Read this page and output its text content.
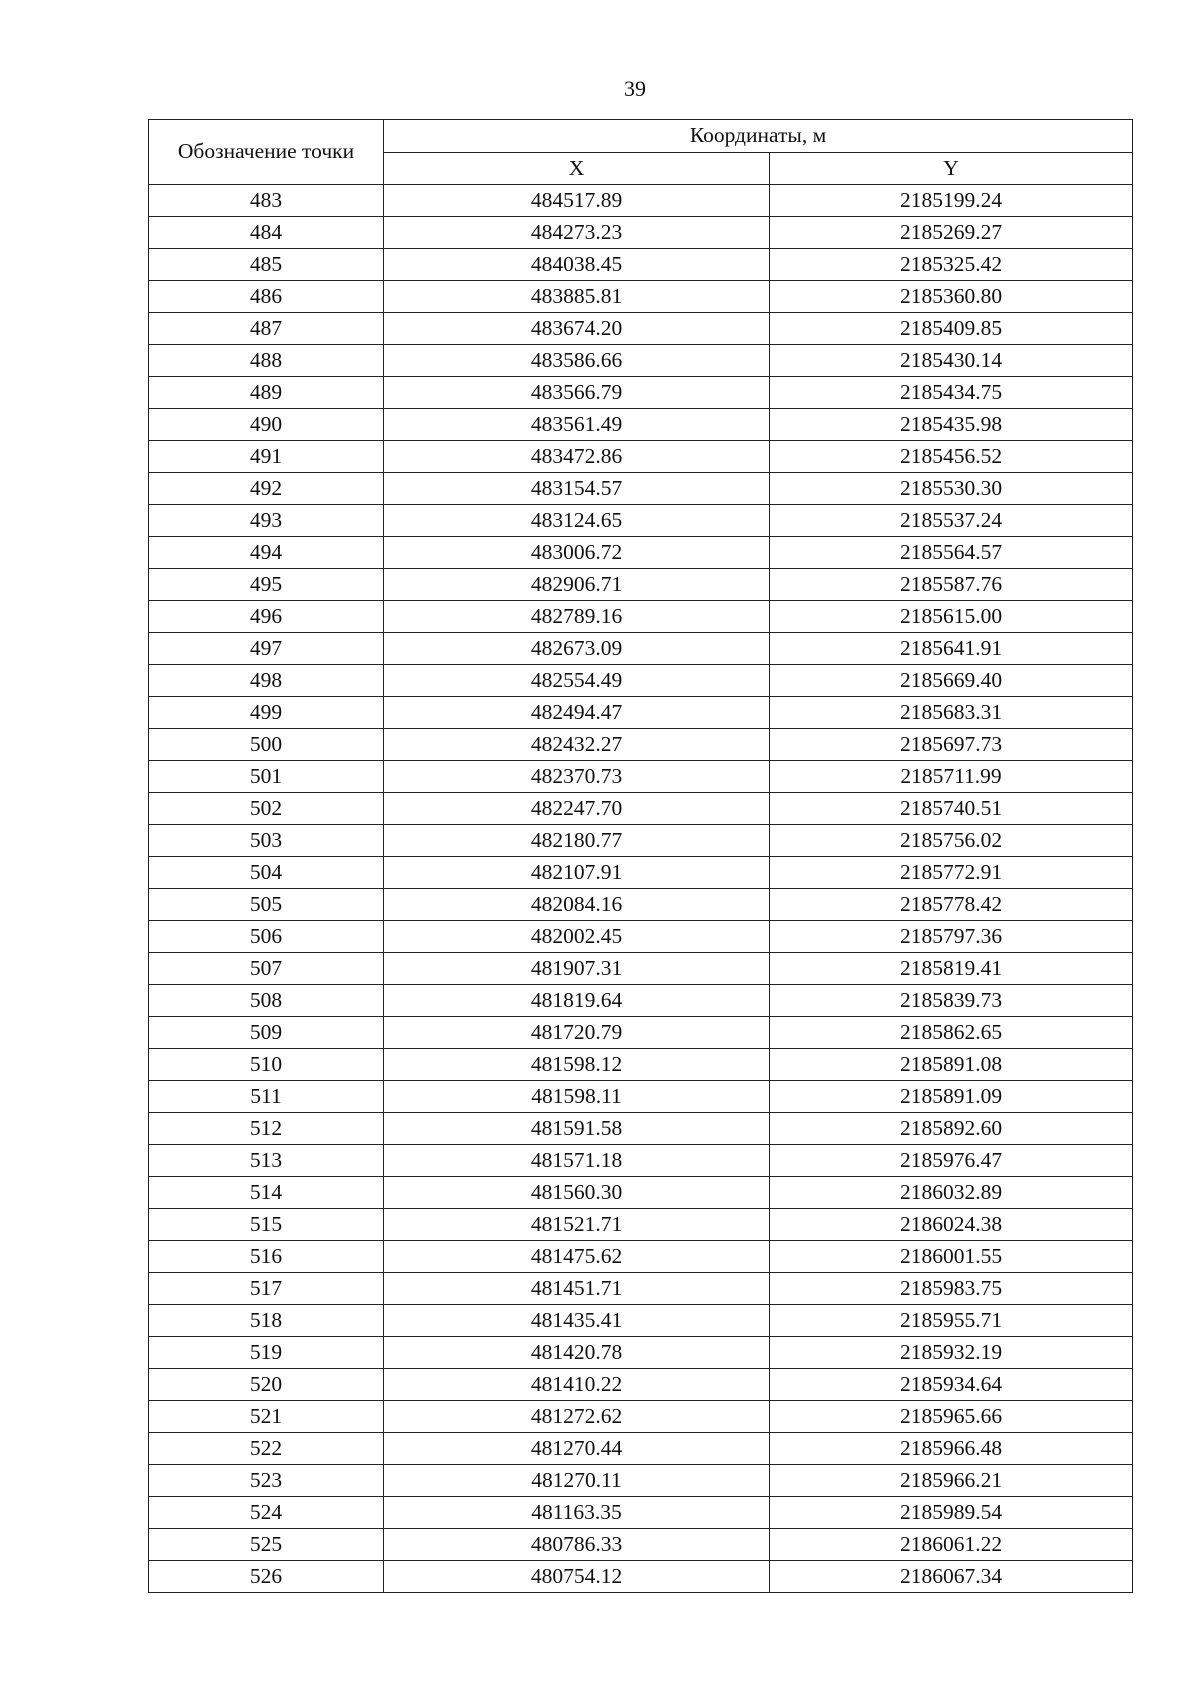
39
Обозначение точки	Координаты, м	
	X	Y
483	484517.89	2185199.24
484	484273.23	2185269.27
485	484038.45	2185325.42
486	483885.81	2185360.80
487	483674.20	2185409.85
488	483586.66	2185430.14
489	483566.79	2185434.75
490	483561.49	2185435.98
491	483472.86	2185456.52
492	483154.57	2185530.30
493	483124.65	2185537.24
494	483006.72	2185564.57
495	482906.71	2185587.76
496	482789.16	2185615.00
497	482673.09	2185641.91
498	482554.49	2185669.40
499	482494.47	2185683.31
500	482432.27	2185697.73
501	482370.73	2185711.99
502	482247.70	2185740.51
503	482180.77	2185756.02
504	482107.91	2185772.91
505	482084.16	2185778.42
506	482002.45	2185797.36
507	481907.31	2185819.41
508	481819.64	2185839.73
509	481720.79	2185862.65
510	481598.12	2185891.08
511	481598.11	2185891.09
512	481591.58	2185892.60
513	481571.18	2185976.47
514	481560.30	2186032.89
515	481521.71	2186024.38
516	481475.62	2186001.55
517	481451.71	2185983.75
518	481435.41	2185955.71
519	481420.78	2185932.19
520	481410.22	2185934.64
521	481272.62	2185965.66
522	481270.44	2185966.48
523	481270.11	2185966.21
524	481163.35	2185989.54
525	480786.33	2186061.22
526	480754.12	2186067.34
